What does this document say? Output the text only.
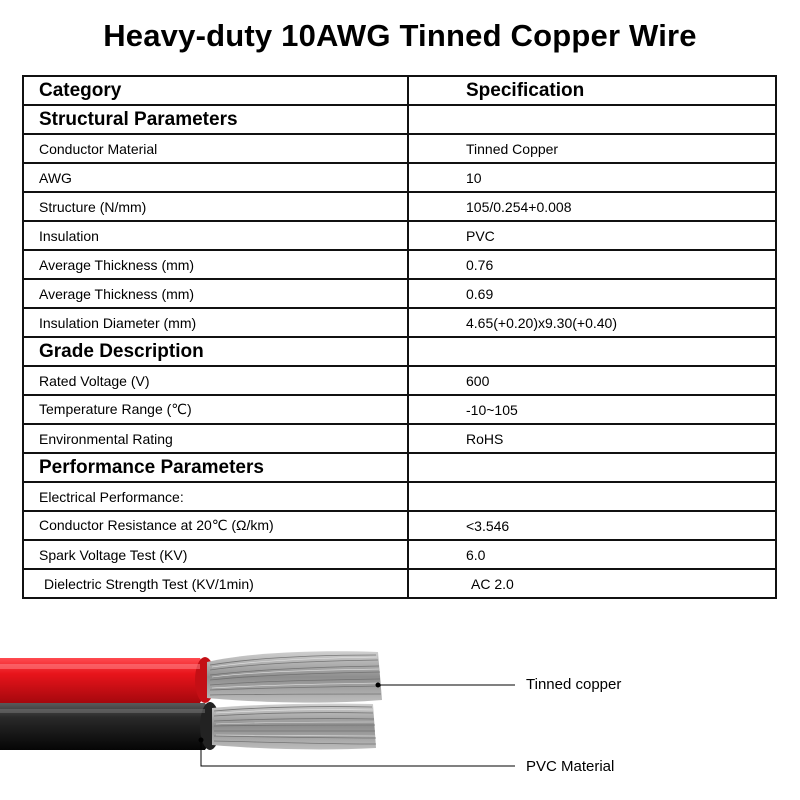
Heavy-duty 10AWG Tinned Copper Wire
Category	Specification
Structural Parameters	
Conductor Material	Tinned Copper
AWG	10
Structure (N/mm)	105/0.254+0.008
Insulation	PVC
Average Thickness (mm)	0.76
Average Thickness (mm)	0.69
Insulation Diameter (mm)	4.65(+0.20)x9.30(+0.40)
Grade Description	
Rated Voltage (V)	600
Temperature Range (℃)	-10~105
Environmental Rating	RoHS
Performance Parameters	
Electrical Performance:	
Conductor Resistance at 20℃ (Ω/km)	<3.546
Spark Voltage Test (KV)	6.0
Dielectric Strength Test (KV/1min)	AC 2.0
Tinned copper
PVC Material
